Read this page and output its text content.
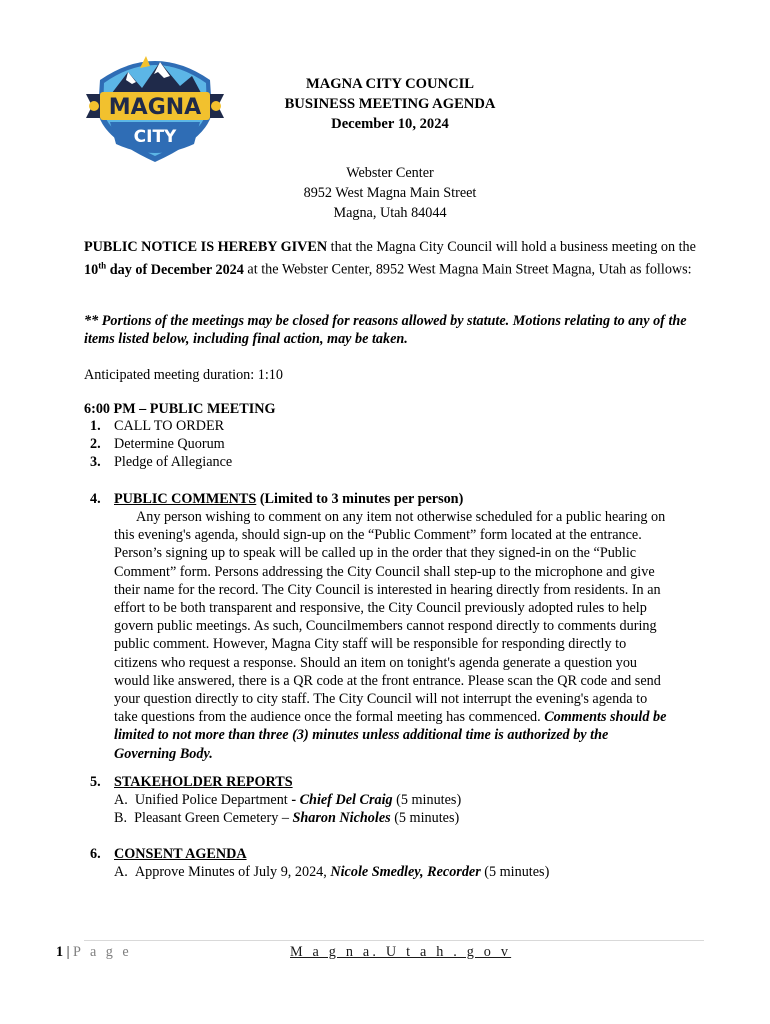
MAGNA
CITY
MAGNA CITY COUNCIL
BUSINESS MEETING AGENDA
December 10, 2024
Webster Center
8952 West Magna Main Street
Magna, Utah 84044
PUBLIC NOTICE IS HEREBY GIVEN that the Magna City Council will hold a business meeting on the 10th day of December 2024 at the Webster Center, 8952 West Magna Main Street Magna, Utah as follows:
** Portions of the meetings may be closed for reasons allowed by statute. Motions relating to any of the items listed below, including final action, may be taken.
Anticipated meeting duration: 1:10
6:00 PM – PUBLIC MEETING
1. CALL TO ORDER
2. Determine Quorum
3. Pledge of Allegiance
4. PUBLIC COMMENTS (Limited to 3 minutes per person)
Any person wishing to comment on any item not otherwise scheduled for a public hearing on
this evening's agenda, should sign-up on the “Public Comment” form located at the entrance.
Person’s signing up to speak will be called up in the order that they signed-in on the “Public
Comment” form. Persons addressing the City Council shall step-up to the microphone and give
their name for the record. The City Council is interested in hearing directly from residents. In an
effort to be both transparent and responsive, the City Council previously adopted rules to help
govern public meetings. As such, Councilmembers cannot respond directly to comments during
public comment. However, Magna City staff will be responsible for responding directly to
citizens who request a response. Should an item on tonight's agenda generate a question you
would like answered, there is a QR code at the front entrance. Please scan the QR code and send
your question directly to city staff. The City Council will not interrupt the evening's agenda to
take questions from the audience once the formal meeting has commenced. Comments should be
limited to not more than three (3) minutes unless additional time is authorized by the
Governing Body.
5. STAKEHOLDER REPORTS
A. Unified Police Department - Chief Del Craig (5 minutes)
B. Pleasant Green Cemetery – Sharon Nicholes (5 minutes)
6. CONSENT AGENDA
A. Approve Minutes of July 9, 2024, Nicole Smedley, Recorder (5 minutes)
1 | P a g e	M a g n a. U t a h . g o v
